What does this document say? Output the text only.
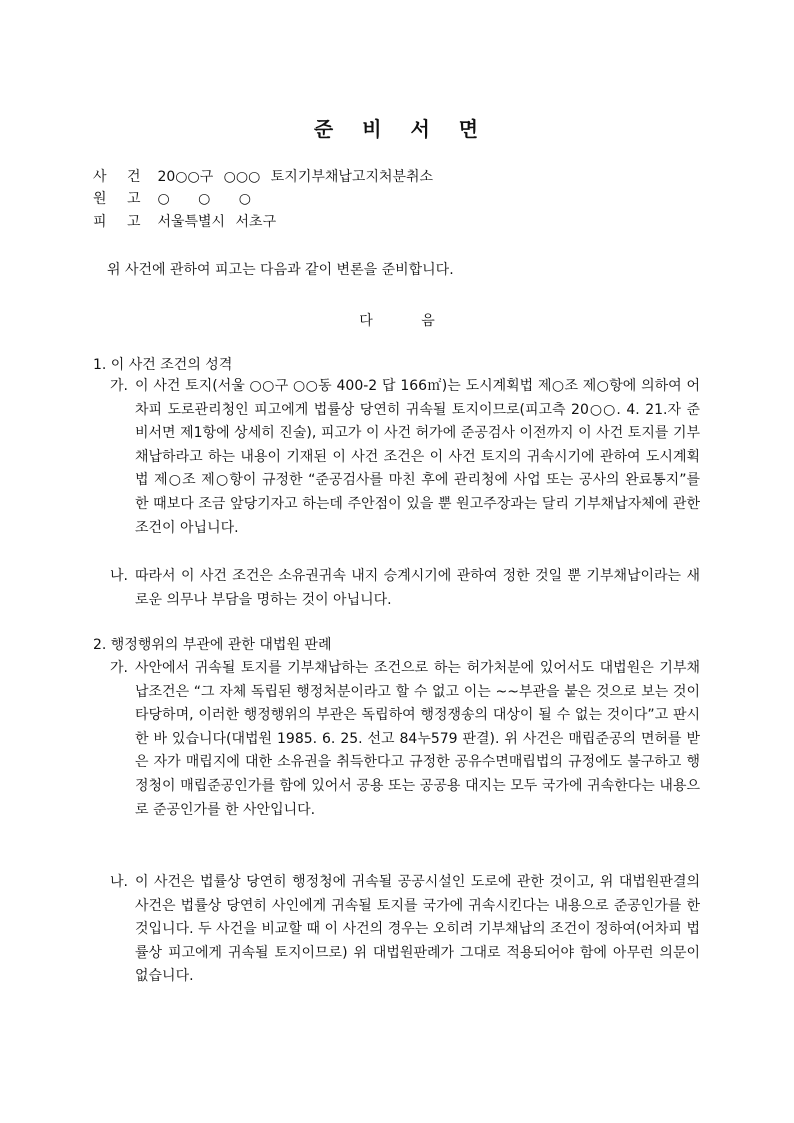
준 비 서 면
사 건 20○○구 ○○○ 토지기부채납고지처분취소
원 고 ○ ○ ○
피 고 서울특별시 서초구
위 사건에 관하여 피고는 다음과 같이 변론을 준비합니다.
다 음
1. 이 사건 조건의 성격
가. 이 사건 토지(서울 ○○구 ○○동 400-2 답 166㎡)는 도시계획법 제○조 제○항에 의하여 어차피 도로관리청인 피고에게 법률상 당연히 귀속될 토지이므로(피고측 20○○. 4. 21.자 준비서면 제1항에 상세히 진술), 피고가 이 사건 허가에 준공검사 이전까지 이 사건 토지를 기부채납하라고 하는 내용이 기재된 이 사건 조건은 이 사건 토지의 귀속시기에 관하여 도시계획법 제○조 제○항이 규정한 “준공검사를 마친 후에 관리청에 사업 또는 공사의 완료통지”를 한 때보다 조금 앞당기자고 하는데 주안점이 있을 뿐 원고주장과는 달리 기부채납자체에 관한 조건이 아닙니다.
나. 따라서 이 사건 조건은 소유권귀속 내지 승계시기에 관하여 정한 것일 뿐 기부채납이라는 새로운 의무나 부담을 명하는 것이 아닙니다.
2. 행정행위의 부관에 관한 대법원 판례
가. 사안에서 귀속될 토지를 기부채납하는 조건으로 하는 허가처분에 있어서도 대법원은 기부채납조건은 “그 자체 독립된 행정처분이라고 할 수 없고 이는 ~~부관을 붙은 것으로 보는 것이 타당하며, 이러한 행정행위의 부관은 독립하여 행정쟁송의 대상이 될 수 없는 것이다”고 판시한 바 있습니다(대법원 1985. 6. 25. 선고 84누579 판결). 위 사건은 매립준공의 면허를 받은 자가 매립지에 대한 소유권을 취득한다고 규정한 공유수면매립법의 규정에도 불구하고 행정청이 매립준공인가를 함에 있어서 공용 또는 공공용 대지는 모두 국가에 귀속한다는 내용으로 준공인가를 한 사안입니다.
나. 이 사건은 법률상 당연히 행정청에 귀속될 공공시설인 도로에 관한 것이고, 위 대법원판결의 사건은 법률상 당연히 사인에게 귀속될 토지를 국가에 귀속시킨다는 내용으로 준공인가를 한 것입니다. 두 사건을 비교할 때 이 사건의 경우는 오히려 기부채납의 조건이 정하여(어차피 법률상 피고에게 귀속될 토지이므로) 위 대법원판례가 그대로 적용되어야 함에 아무런 의문이 없습니다.
